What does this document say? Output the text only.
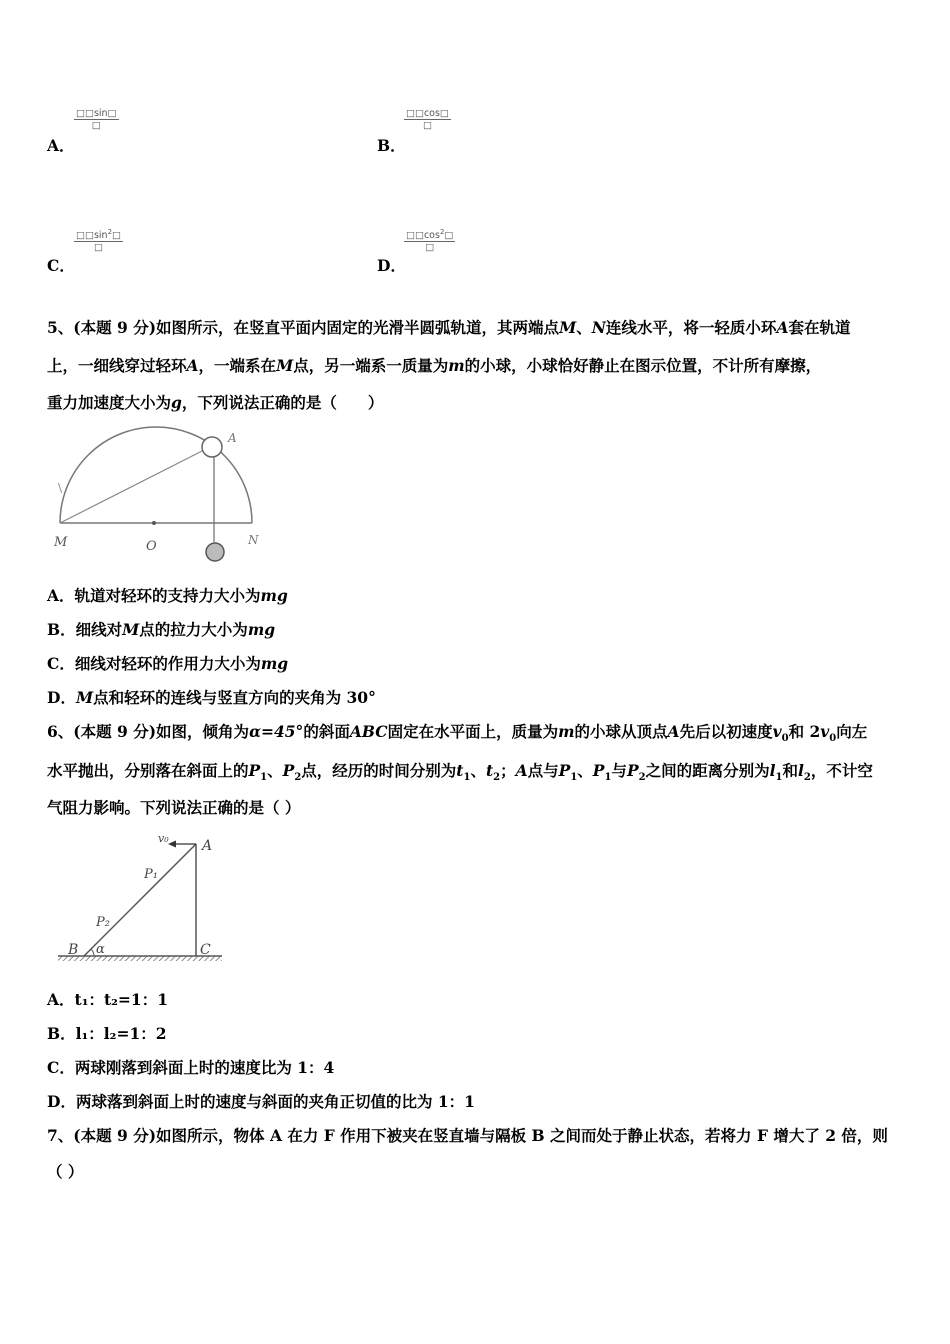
□□sin□
□
A．
□□cos□
□
B．
$□□\sin^2□$
□
C．
$□□\cos^2□$
□
D．
5、(本题 9 分)如图所示，在竖直平面内固定的光滑半圆弧轨道，其两端点M、N连线水平，将一轻质小环A套在轨道
上，一细线穿过轻环A，一端系在M点，另一端系一质量为m的小球，小球恰好静止在图示位置，不计所有摩擦，
重力加速度大小为g，下列说法正确的是（　　）
M	O	N
A
\
A．轨道对轻环的支持力大小为mg
B．细线对M点的拉力大小为mg
C．细线对轻环的作用力大小为mg
D．M点和轻环的连线与竖直方向的夹角为 30°
6、(本题 9 分)如图，倾角为α=45°的斜面ABC固定在水平面上，质量为m的小球从顶点A先后以初速度$v_0$和 $2v_0$向左
水平抛出，分别落在斜面上的$P_1$、$P_2$点，经历的时间分别为$t_1$、$t_2$；A点与$P_1$、$P_1$与$P_2$之间的距离分别为$l_1$和$l_2$，不计空
气阻力影响。下列说法正确的是（ ）
v₀ A
P₁
P₂
B α	C
A．t₁：t₂=1：1
B．l₁：l₂=1：2
C．两球刚落到斜面上时的速度比为 1：4
D．两球落到斜面上时的速度与斜面的夹角正切值的比为 1：1
7、(本题 9 分)如图所示，物体 A 在力 F 作用下被夹在竖直墙与隔板 B 之间而处于静止状态，若将力 F 增大了 2 倍，则
（ ）
